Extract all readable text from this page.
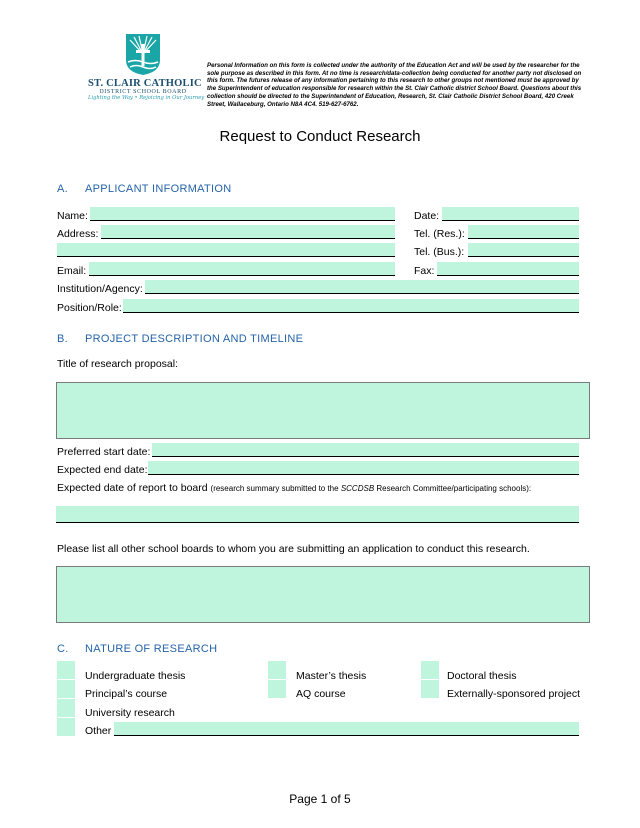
ST. CLAIR CATHOLIC
DISTRICT SCHOOL BOARD
Lighting the Way • Rejoicing in Our Journey
Personal Information on this form is collected under the authority of the Education Act and will be used by the researcher for the sole purpose as described in this form. At no time is research/data-collection being conducted for another party not disclosed on this form. The futures release of any information pertaining to this research to other groups not mentioned must be approved by the Superintendent of education responsible for research within the St. Clair Catholic district School Board. Questions about this collection should be directed to the Superintendent of Education, Research, St. Clair Catholic District School Board, 420 Creek Street, Wallaceburg, Ontario N8A 4C4. 519-627-6762.
Request to Conduct Research
A. APPLICANT INFORMATION
Name:
Address:
Email:
Date:
Tel. (Res.):
Tel. (Bus.):
Fax:
Institution/Agency:
Position/Role:
B. PROJECT DESCRIPTION AND TIMELINE
Title of research proposal:
Preferred start date:
Expected end date:
Expected date of report to board (research summary submitted to the SCCDSB Research Committee/participating schools):
Please list all other school boards to whom you are submitting an application to conduct this research.
C. NATURE OF RESEARCH
Undergraduate thesis
Principal’s course
University research
Other
Master’s thesis
AQ course
Doctoral thesis
Externally-sponsored project
Page 1 of 5
